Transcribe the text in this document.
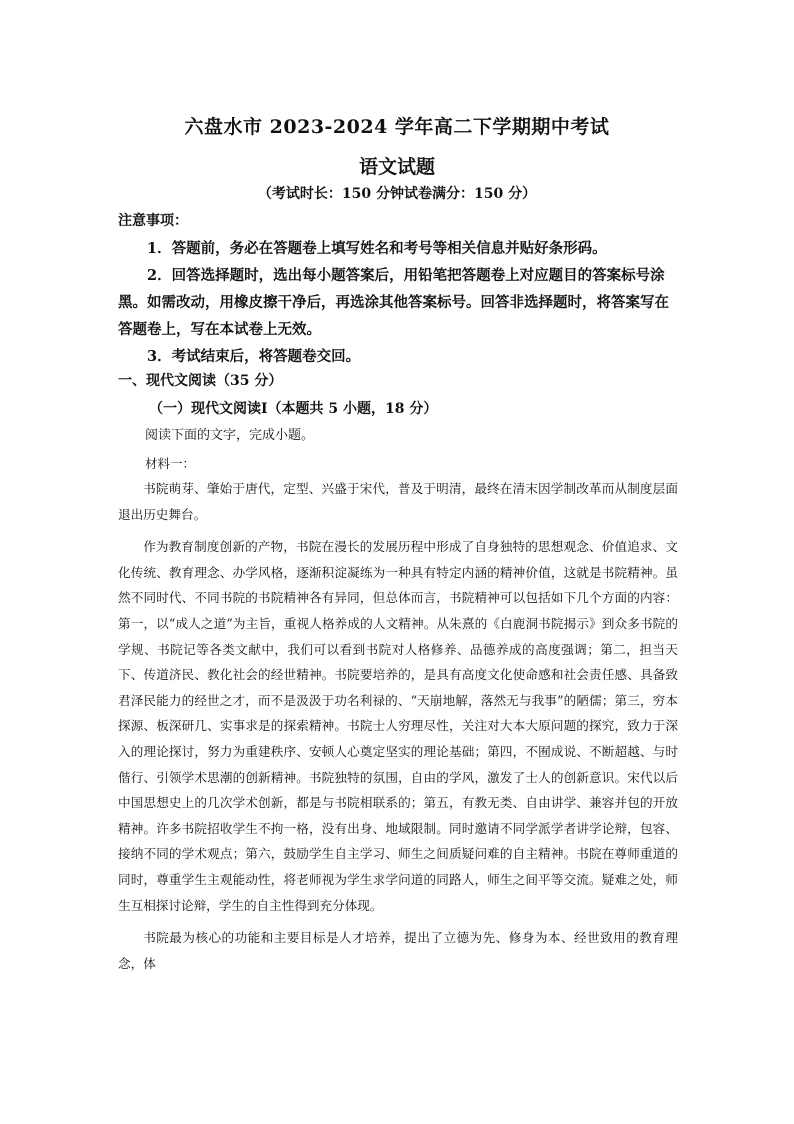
六盘水市 2023-2024 学年高二下学期期中考试
语文试题
（考试时长：150 分钟试卷满分：150 分）
注意事项：

1．答题前，务必在答题卷上填写姓名和考号等相关信息并贴好条形码。

2．回答选择题时，选出每小题答案后，用铅笔把答题卷上对应题目的答案标号涂黑。如需改动，用橡皮擦干净后，再选涂其他答案标号。回答非选择题时，将答案写在答题卷上，写在本试卷上无效。

3．考试结束后，将答题卷交回。

一、现代文阅读（35 分）
（一）现代文阅读Ⅰ（本题共 5 小题，18 分）
阅读下面的文字，完成小题。
材料一：

书院萌芽、肇始于唐代，定型、兴盛于宋代，普及于明清，最终在清末因学制改革而从制度层面退出历史舞台。

作为教育制度创新的产物，书院在漫长的发展历程中形成了自身独特的思想观念、价值追求、文化传统、教育理念、办学风格，逐渐积淀凝练为一种具有特定内涵的精神价值，这就是书院精神。虽然不同时代、不同书院的书院精神各有异同，但总体而言，书院精神可以包括如下几个方面的内容：第一，以“成人之道”为主旨，重视人格养成的人文精神。从朱熹的《白鹿洞书院揭示》到众多书院的学规、书院记等各类文献中，我们可以看到书院对人格修养、品德养成的高度强调；第二，担当天下、传道济民、教化社会的经世精神。书院要培养的，是具有高度文化使命感和社会责任感、具备致君泽民能力的经世之才，而不是汲汲于功名利禄的、“天崩地解，落然无与我事”的陋儒；第三，穷本探源、板深研几、实事求是的探索精神。书院士人穷理尽性，关注对大本大原问题的探究，致力于深入的理论探讨，努力为重建秩序、安顿人心奠定坚实的理论基础；第四，不囿成说、不断超越、与时偕行、引领学术思潮的创新精神。书院独特的氛围，自由的学风，激发了士人的创新意识。宋代以后中国思想史上的几次学术创新，都是与书院相联系的；第五，有教无类、自由讲学、兼容并包的开放精神。许多书院招收学生不拘一格，没有出身、地域限制。同时邀请不同学派学者讲学论辩，包容、接纳不同的学术观点；第六，鼓励学生自主学习、师生之间质疑问难的自主精神。书院在尊师重道的同时，尊重学生主观能动性，将老师视为学生求学问道的同路人，师生之间平等交流。疑难之处，师生互相探讨论辩，学生的自主性得到充分体现。

书院最为核心的功能和主要目标是人才培养，提出了立德为先、修身为本、经世致用的教育理念，体
